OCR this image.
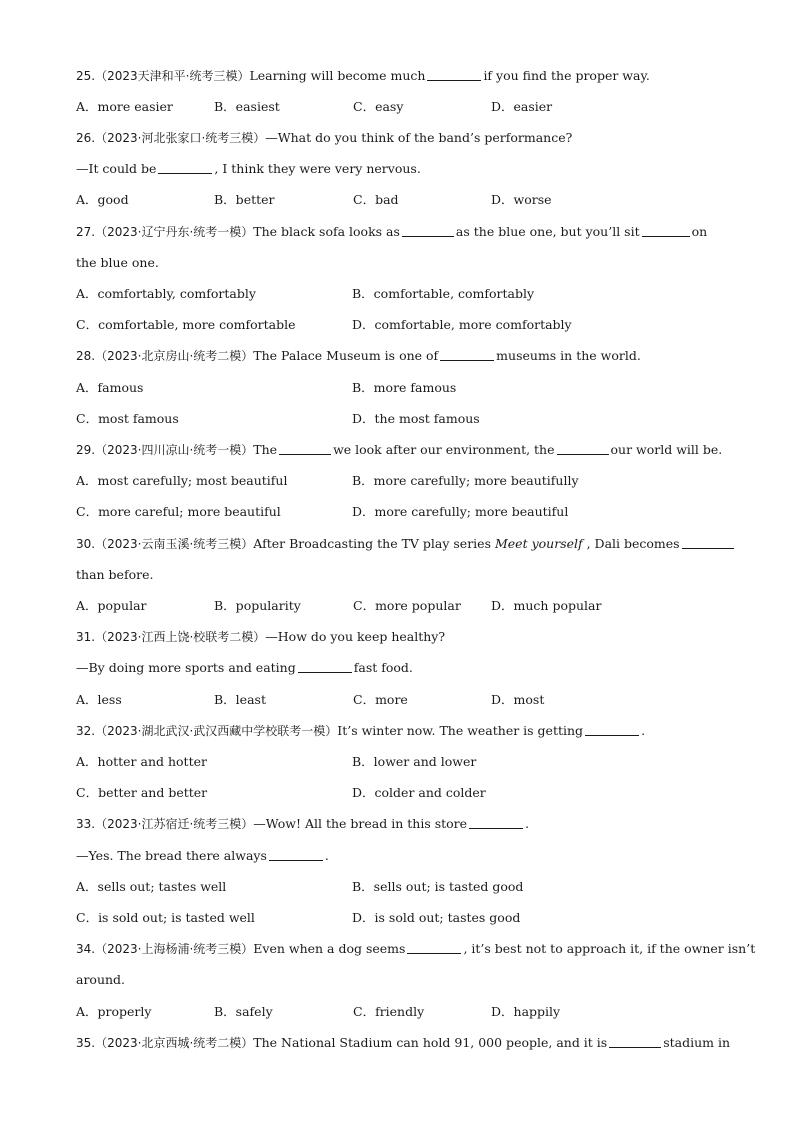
25.（2023天津和平·统考三模）Learning will become much	if you find the proper way.
A．more easier	B．easiest	C．easy	D．easier
26.（2023·河北张家口·统考三模）—What do you think of the band’s performance?
—It could be	, I think they were very nervous.
A．good	B．better	C．bad	D．worse
27.（2023·辽宁丹东·统考一模）The black sofa looks as	as the blue one, but you’ll sit	on
the blue one.
A．comfortably, comfortably	B．comfortable, comfortably
C．comfortable, more comfortable	D．comfortable, more comfortably
28.（2023·北京房山·统考二模）The Palace Museum is one of	museums in the world.
A．famous	B．more famous
C．most famous	D．the most famous
29.（2023·四川凉山·统考一模）The	we look after our environment, the	our world will be.
A．most carefully; most beautiful	B．more carefully; more beautifully
C．more careful; more beautiful	D．more carefully; more beautiful
30.（2023·云南玉溪·统考三模）After Broadcasting the TV play series Meet yourself , Dali becomes
than before.
A．popular	B．popularity	C．more popular D．much popular
31.（2023·江西上饶·校联考二模）—How do you keep healthy?
—By doing more sports and eating	fast food.
A．less	B．least	C．more	D．most
32.（2023·湖北武汉·武汉西藏中学校联考一模）It’s winter now. The weather is getting	.
A．hotter and hotter	B．lower and lower
C．better and better	D．colder and colder
33.（2023·江苏宿迁·统考三模）—Wow! All the bread in this store	.
—Yes. The bread there always	.
A．sells out; tastes well	B．sells out; is tasted good
C．is sold out; is tasted well	D．is sold out; tastes good
34.（2023·上海杨浦·统考三模）Even when a dog seems	, it’s best not to approach it, if the owner isn’t
around.
A．properly	B．safely	C．friendly	D．happily
35.（2023·北京西城·统考二模）The National Stadium can hold 91, 000 people, and it is	stadium in
